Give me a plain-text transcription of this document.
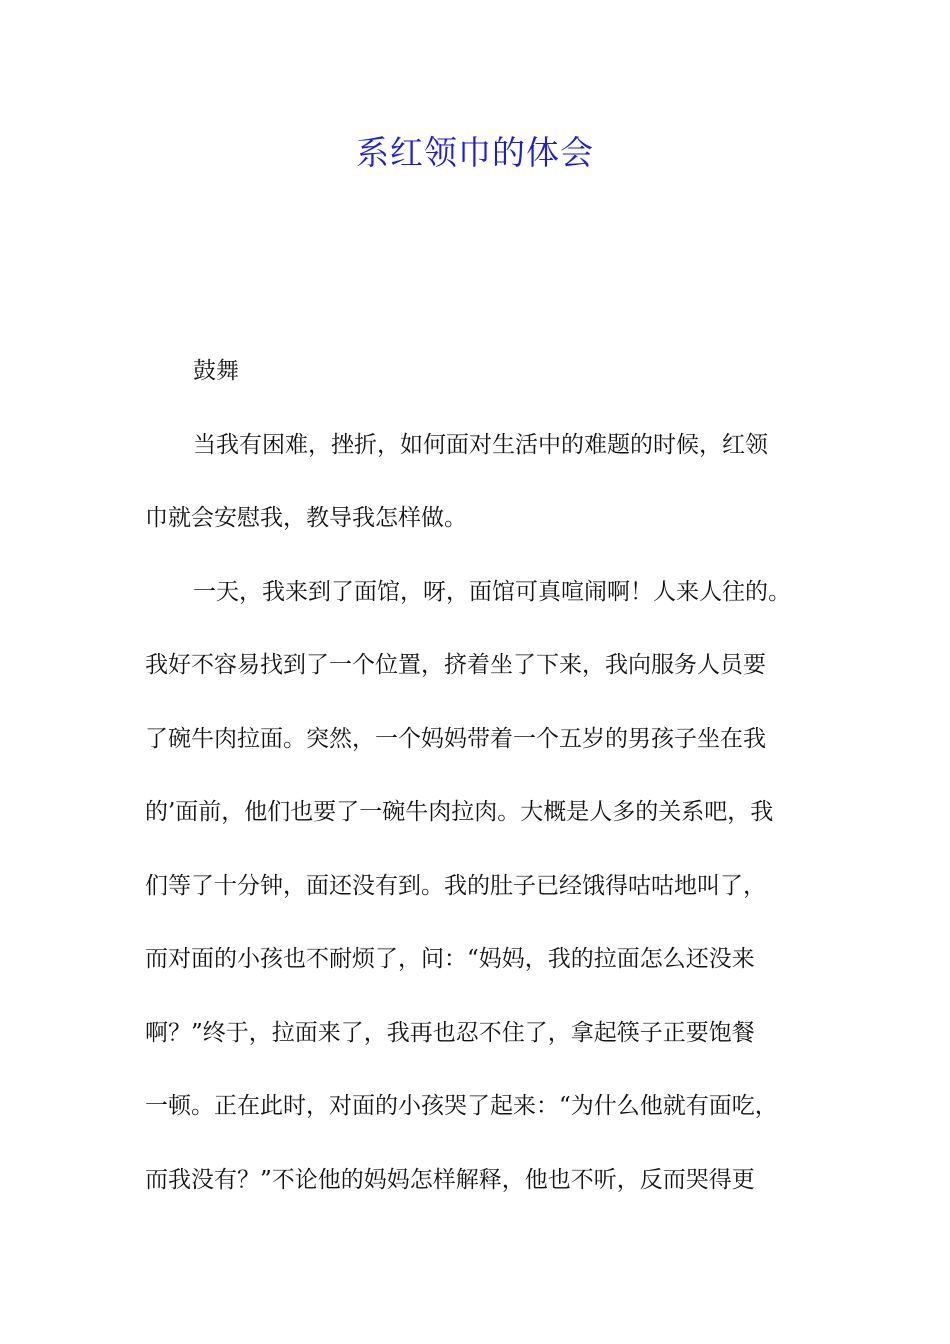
系红领巾的体会
鼓舞
当我有困难，挫折，如何面对生活中的难题的时候，红领
巾就会安慰我，教导我怎样做。
一天，我来到了面馆，呀，面馆可真喧闹啊！人来人往的。
我好不容易找到了一个位置，挤着坐了下来，我向服务人员要
了碗牛肉拉面。突然，一个妈妈带着一个五岁的男孩子坐在我
的’面前，他们也要了一碗牛肉拉肉。大概是人多的关系吧，我
们等了十分钟，面还没有到。我的肚子已经饿得咕咕地叫了，
而对面的小孩也不耐烦了，问：“妈妈，我的拉面怎么还没来
啊？”终于，拉面来了，我再也忍不住了，拿起筷子正要饱餐
一顿。正在此时，对面的小孩哭了起来：“为什么他就有面吃，
而我没有？”不论他的妈妈怎样解释，他也不听，反而哭得更
